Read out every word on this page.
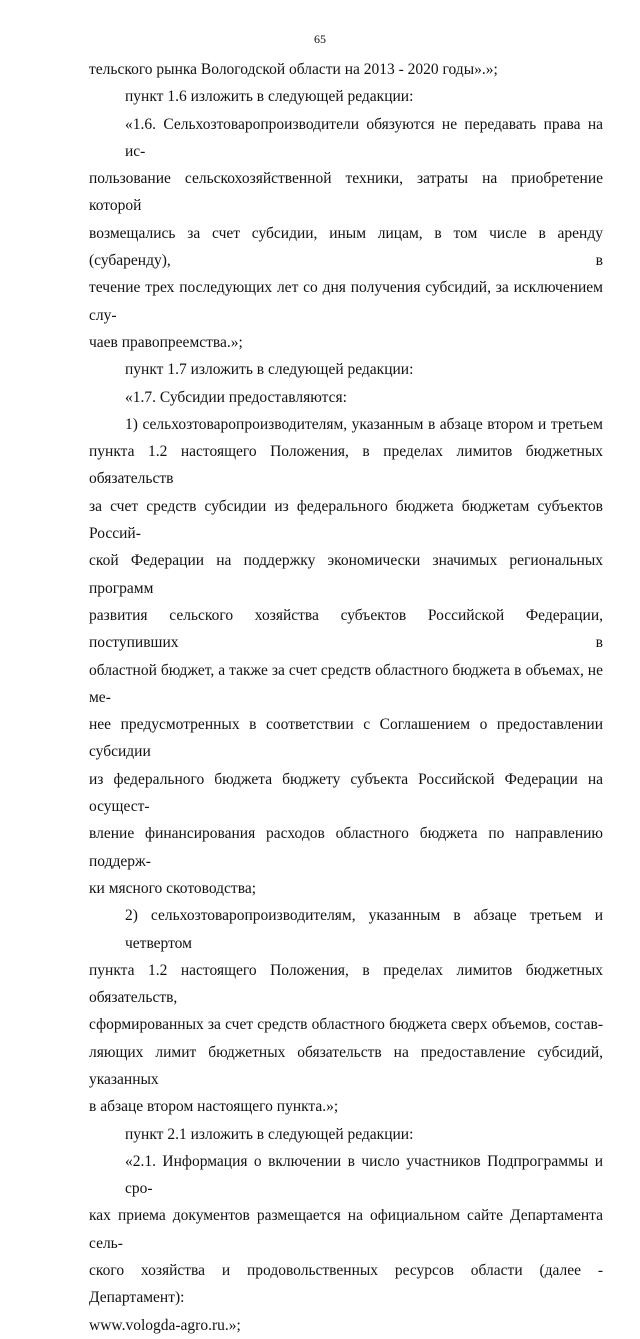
65
тельского рынка Вологодской области на 2013 - 2020 годы».»;
пункт 1.6 изложить в следующей редакции:
«1.6. Сельхозтоваропроизводители обязуются не передавать права на ис-
пользование сельскохозяйственной техники, затраты на приобретение которой
возмещались за счет субсидии, иным лицам, в том числе в аренду (субаренду), в
течение трех последующих лет со дня получения субсидий, за исключением слу-
чаев правопреемства.»;
пункт 1.7 изложить в следующей редакции:
«1.7. Субсидии предоставляются:
1) сельхозтоваропроизводителям, указанным в абзаце втором и третьем
пункта 1.2 настоящего Положения, в пределах лимитов бюджетных обязательств
за счет средств субсидии из федерального бюджета бюджетам субъектов Россий-
ской Федерации на поддержку экономически значимых региональных программ
развития сельского хозяйства субъектов Российской Федерации, поступивших в
областной бюджет, а также за счет средств областного бюджета в объемах, не ме-
нее предусмотренных в соответствии с Соглашением о предоставлении субсидии
из федерального бюджета бюджету субъекта Российской Федерации на осущест-
вление финансирования расходов областного бюджета по направлению поддерж-
ки мясного скотоводства;
2) сельхозтоваропроизводителям, указанным в абзаце третьем и четвертом
пункта 1.2 настоящего Положения, в пределах лимитов бюджетных обязательств,
сформированных за счет средств областного бюджета сверх объемов, состав-
ляющих лимит бюджетных обязательств на предоставление субсидий, указанных
в абзаце втором настоящего пункта.»;
пункт 2.1 изложить в следующей редакции:
«2.1. Информация о включении в число участников Подпрограммы и сро-
ках приема документов размещается на официальном сайте Департамента сель-
ского хозяйства и продовольственных ресурсов области (далее - Департамент):
www.vologda-agro.ru.»;
